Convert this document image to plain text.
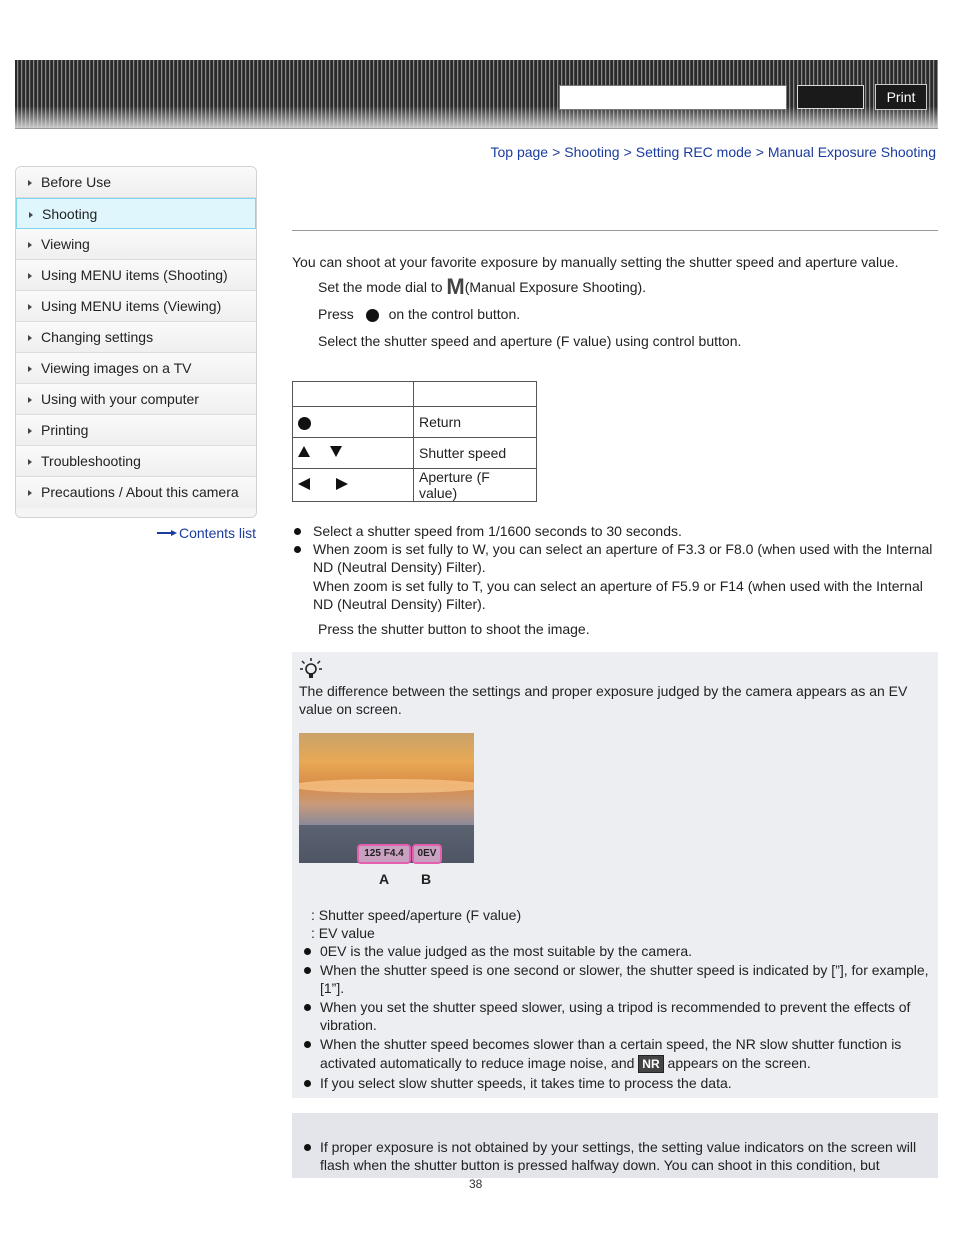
Print
Top page > Shooting > Setting REC mode > Manual Exposure Shooting
Before Use
Shooting
Viewing
Using MENU items (Shooting)
Using MENU items (Viewing)
Changing settings
Viewing images on a TV
Using with your computer
Printing
Troubleshooting
Precautions / About this camera
Contents list
You can shoot at your favorite exposure by manually setting the shutter speed and aperture value.
Set the mode dial to M(Manual Exposure Shooting).
Press on the control button.
Select the shutter speed and aperture (F value) using control button.

	Return
	Shutter speed
	Aperture (F value)
Select a shutter speed from 1/1600 seconds to 30 seconds.
When zoom is set fully to W, you can select an aperture of F3.3 or F8.0 (when used with the Internal ND (Neutral Density) Filter).
When zoom is set fully to T, you can select an aperture of F5.9 or F14 (when used with the Internal ND (Neutral Density) Filter).
Press the shutter button to shoot the image.
The difference between the settings and proper exposure judged by the camera appears as an EV value on screen.
125 F4.4	0EV
A B
: Shutter speed/aperture (F value)
: EV value
0EV is the value judged as the most suitable by the camera.
When the shutter speed is one second or slower, the shutter speed is indicated by [”], for example, [1”].
When you set the shutter speed slower, using a tripod is recommended to prevent the effects of vibration.
When the shutter speed becomes slower than a certain speed, the NR slow shutter function is activated automatically to reduce image noise, and NR appears on the screen.
If you select slow shutter speeds, it takes time to process the data.
If proper exposure is not obtained by your settings, the setting value indicators on the screen will flash when the shutter button is pressed halfway down. You can shoot in this condition, but
38
